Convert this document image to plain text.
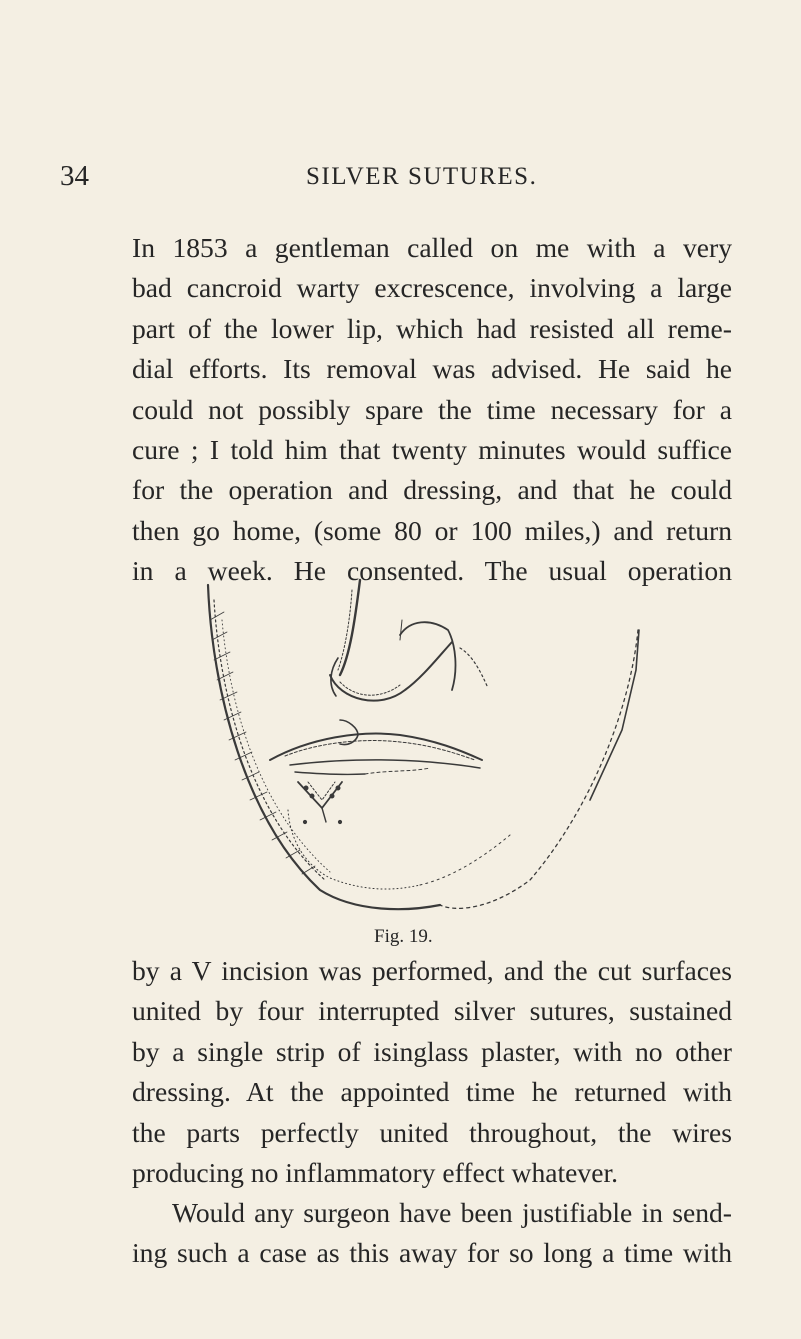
34	SILVER SUTURES.
In 1853 a gentleman called on me with a very
bad cancroid warty excrescence, involving a large
part of the lower lip, which had resisted all reme-
dial efforts. Its removal was advised. He said he
could not possibly spare the time necessary for a
cure ; I told him that twenty minutes would suffice
for the operation and dressing, and that he could
then go home, (some 80 or 100 miles,) and return
in a week. He consented. The usual operation
Fig. 19.
by a V incision was performed, and the cut surfaces
united by four interrupted silver sutures, sustained
by a single strip of isinglass plaster, with no other
dressing. At the appointed time he returned with
the parts perfectly united throughout, the wires
producing no inflammatory effect whatever.
Would any surgeon have been justifiable in send-
ing such a case as this away for so long a time with
